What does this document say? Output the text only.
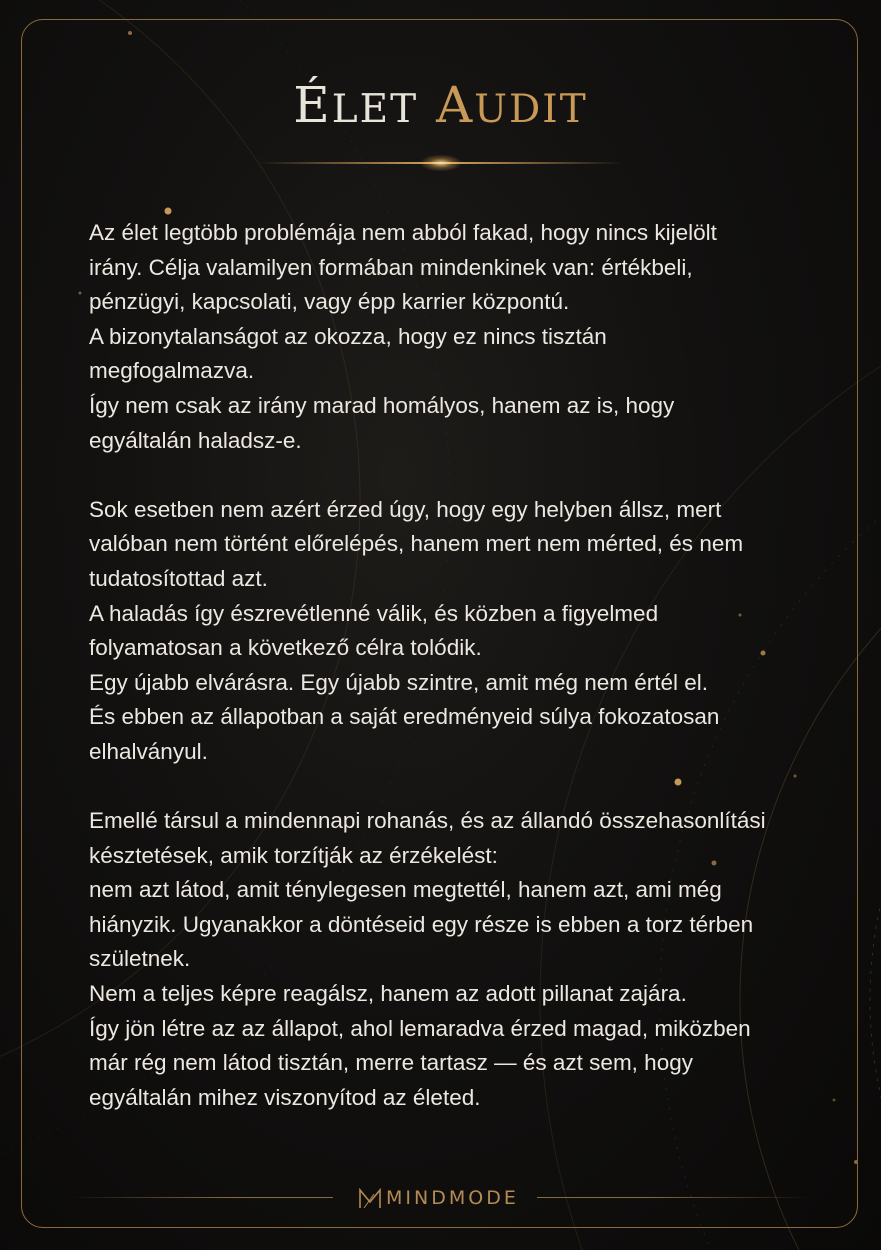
ÉLET AUDIT
Az élet legtöbb problémája nem abból fakad, hogy nincs kijelölt
irány. Célja valamilyen formában mindenkinek van: értékbeli,
pénzügyi, kapcsolati, vagy épp karrier központú.
A bizonytalanságot az okozza, hogy ez nincs tisztán
megfogalmazva.
Így nem csak az irány marad homályos, hanem az is, hogy
egyáltalán haladsz-e.
Sok esetben nem azért érzed úgy, hogy egy helyben állsz, mert
valóban nem történt előrelépés, hanem mert nem mérted, és nem
tudatosítottad azt.
A haladás így észrevétlenné válik, és közben a figyelmed
folyamatosan a következő célra tolódik.
Egy újabb elvárásra. Egy újabb szintre, amit még nem értél el.
És ebben az állapotban a saját eredményeid súlya fokozatosan
elhalványul.
Emellé társul a mindennapi rohanás, és az állandó összehasonlítási
késztetések, amik torzítják az érzékelést:
nem azt látod, amit ténylegesen megtettél, hanem azt, ami még
hiányzik. Ugyanakkor a döntéseid egy része is ebben a torz térben
születnek.
Nem a teljes képre reagálsz, hanem az adott pillanat zajára.
Így jön létre az az állapot, ahol lemaradva érzed magad, miközben
már rég nem látod tisztán, merre tartasz — és azt sem, hogy
egyáltalán mihez viszonyítod az életed.
MINDMODE
